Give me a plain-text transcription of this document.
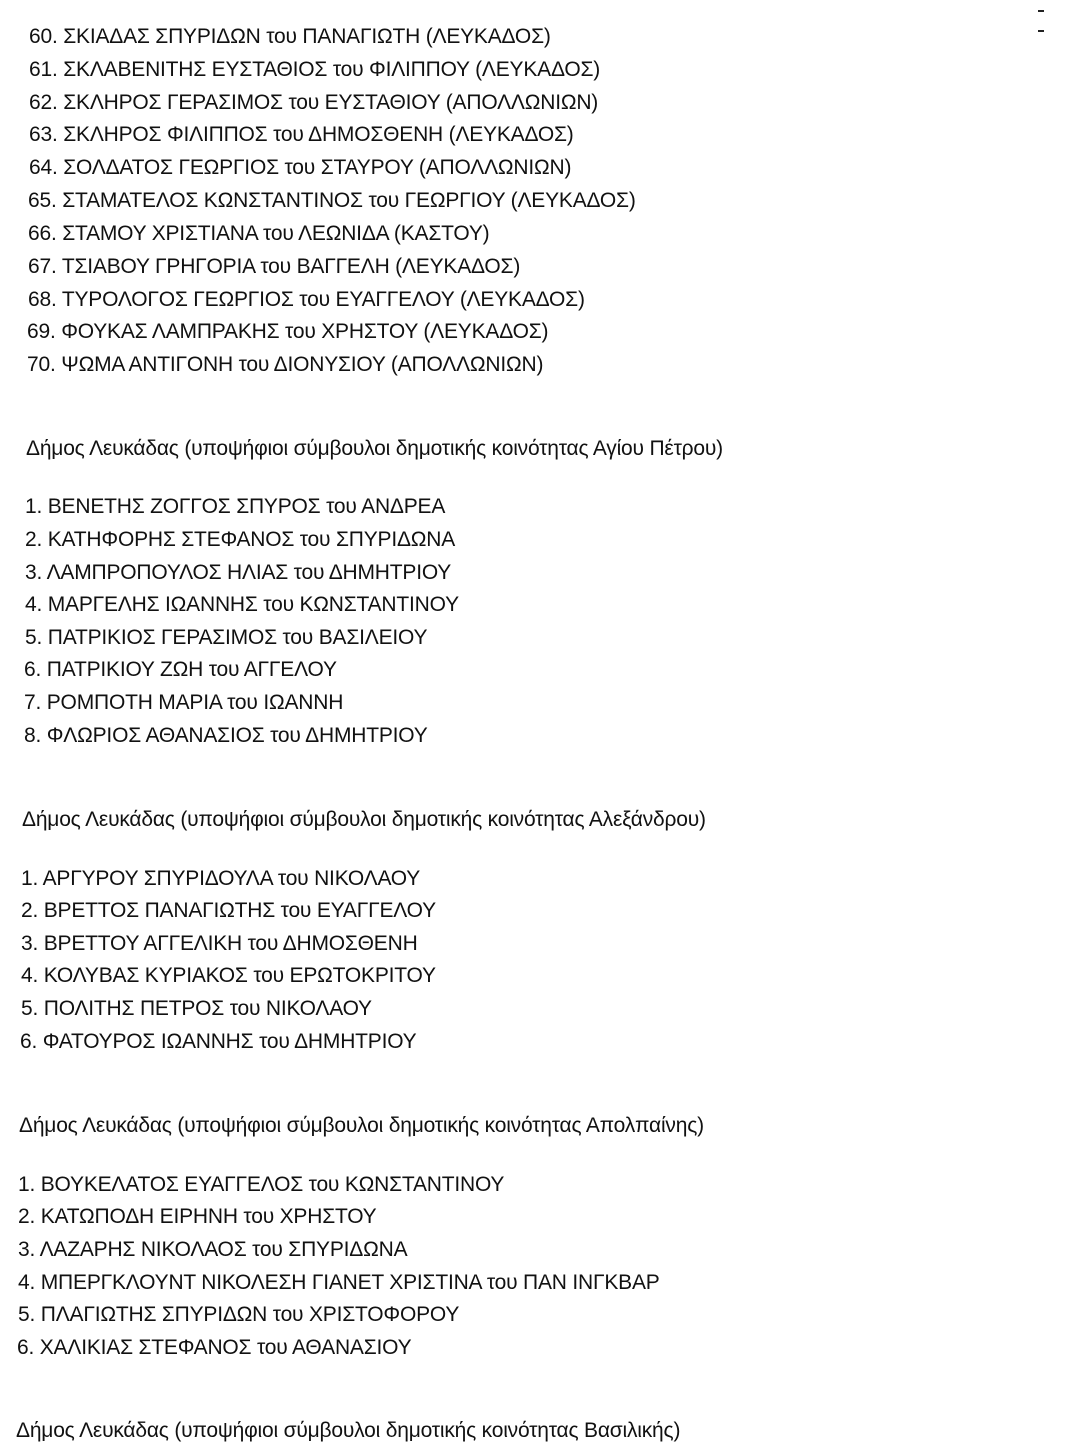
60. ΣΚΙΑΔΑΣ ΣΠΥΡΙΔΩΝ του ΠΑΝΑΓΙΩΤΗ (ΛΕΥΚΑΔΟΣ)
61. ΣΚΛΑΒΕΝΙΤΗΣ ΕΥΣΤΑΘΙΟΣ του ΦΙΛΙΠΠΟΥ (ΛΕΥΚΑΔΟΣ)
62. ΣΚΛΗΡΟΣ ΓΕΡΑΣΙΜΟΣ του ΕΥΣΤΑΘΙΟΥ (ΑΠΟΛΛΩΝΙΩΝ)
63. ΣΚΛΗΡΟΣ ΦΙΛΙΠΠΟΣ του ΔΗΜΟΣΘΕΝΗ (ΛΕΥΚΑΔΟΣ)
64. ΣΟΛΔΑΤΟΣ ΓΕΩΡΓΙΟΣ του ΣΤΑΥΡΟΥ (ΑΠΟΛΛΩΝΙΩΝ)
65. ΣΤΑΜΑΤΕΛΟΣ ΚΩΝΣΤΑΝΤΙΝΟΣ του ΓΕΩΡΓΙΟΥ (ΛΕΥΚΑΔΟΣ)
66. ΣΤΑΜΟΥ ΧΡΙΣΤΙΑΝΑ του ΛΕΩΝΙΔΑ (ΚΑΣΤΟΥ)
67. ΤΣΙΑΒΟΥ ΓΡΗΓΟΡΙΑ του ΒΑΓΓΕΛΗ (ΛΕΥΚΑΔΟΣ)
68. ΤΥΡΟΛΟΓΟΣ ΓΕΩΡΓΙΟΣ του ΕΥΑΓΓΕΛΟΥ (ΛΕΥΚΑΔΟΣ)
69. ΦΟΥΚΑΣ ΛΑΜΠΡΑΚΗΣ του ΧΡΗΣΤΟΥ (ΛΕΥΚΑΔΟΣ)
70. ΨΩΜΑ ΑΝΤΙΓΟΝΗ του ΔΙΟΝΥΣΙΟΥ (ΑΠΟΛΛΩΝΙΩΝ)
Δήμος Λευκάδας (υποψήφιοι σύμβουλοι δημοτικής κοινότητας Αγίου Πέτρου)
1. ΒΕΝΕΤΗΣ ΖΟΓΓΟΣ ΣΠΥΡΟΣ του ΑΝΔΡΕΑ
2. ΚΑΤΗΦΟΡΗΣ ΣΤΕΦΑΝΟΣ του ΣΠΥΡΙΔΩΝΑ
3. ΛΑΜΠΡΟΠΟΥΛΟΣ ΗΛΙΑΣ του ΔΗΜΗΤΡΙΟΥ
4. ΜΑΡΓΕΛΗΣ ΙΩΑΝΝΗΣ του ΚΩΝΣΤΑΝΤΙΝΟΥ
5. ΠΑΤΡΙΚΙΟΣ ΓΕΡΑΣΙΜΟΣ του ΒΑΣΙΛΕΙΟΥ
6. ΠΑΤΡΙΚΙΟΥ ΖΩΗ του ΑΓΓΕΛΟΥ
7. ΡΟΜΠΟΤΗ ΜΑΡΙΑ του ΙΩΑΝΝΗ
8. ΦΛΩΡΙΟΣ ΑΘΑΝΑΣΙΟΣ του ΔΗΜΗΤΡΙΟΥ
Δήμος Λευκάδας (υποψήφιοι σύμβουλοι δημοτικής κοινότητας Αλεξάνδρου)
1. ΑΡΓΥΡΟΥ ΣΠΥΡΙΔΟΥΛΑ του ΝΙΚΟΛΑΟΥ
2. ΒΡΕΤΤΟΣ ΠΑΝΑΓΙΩΤΗΣ του ΕΥΑΓΓΕΛΟΥ
3. ΒΡΕΤΤΟΥ ΑΓΓΕΛΙΚΗ του ΔΗΜΟΣΘΕΝΗ
4. ΚΟΛΥΒΑΣ ΚΥΡΙΑΚΟΣ του ΕΡΩΤΟΚΡΙΤΟΥ
5. ΠΟΛΙΤΗΣ ΠΕΤΡΟΣ του ΝΙΚΟΛΑΟΥ
6. ΦΑΤΟΥΡΟΣ ΙΩΑΝΝΗΣ του ΔΗΜΗΤΡΙΟΥ
Δήμος Λευκάδας (υποψήφιοι σύμβουλοι δημοτικής κοινότητας Απολπαίνης)
1. ΒΟΥΚΕΛΑΤΟΣ ΕΥΑΓΓΕΛΟΣ του ΚΩΝΣΤΑΝΤΙΝΟΥ
2. ΚΑΤΩΠΟΔΗ ΕΙΡΗΝΗ του ΧΡΗΣΤΟΥ
3. ΛΑΖΑΡΗΣ ΝΙΚΟΛΑΟΣ του ΣΠΥΡΙΔΩΝΑ
4. ΜΠΕΡΓΚΛΟΥΝΤ ΝΙΚΟΛΕΣΗ ΓΙΑΝΕΤ ΧΡΙΣΤΙΝΑ του ΠΑΝ ΙΝΓΚΒΑΡ
5. ΠΛΑΓΙΩΤΗΣ ΣΠΥΡΙΔΩΝ του ΧΡΙΣΤΟΦΟΡΟΥ
6. ΧΑΛΙΚΙΑΣ ΣΤΕΦΑΝΟΣ του ΑΘΑΝΑΣΙΟΥ
Δήμος Λευκάδας (υποψήφιοι σύμβουλοι δημοτικής κοινότητας Βασιλικής)
